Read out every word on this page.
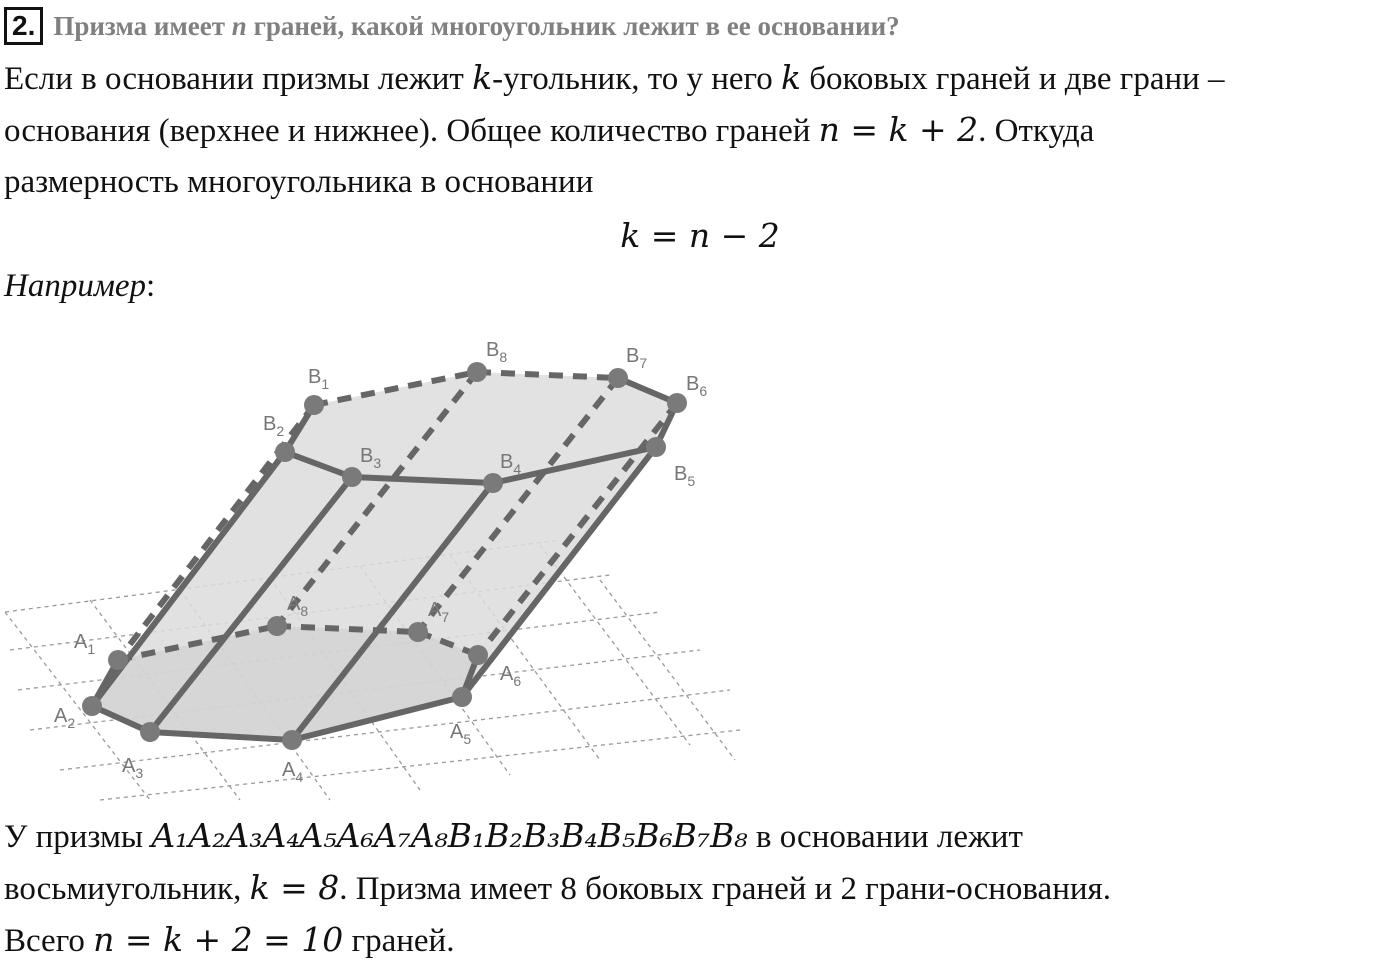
2. Призма имеет n граней, какой многоугольник лежит в ее основании?
Если в основании призмы лежит k-угольник, то у него k боковых граней и две грани –
основания (верхнее и нижнее). Общее количество граней n = k + 2. Откуда
размерность многоугольника в основании
k = n − 2
Например:
$B_1$
$B_2$
$B_3$	$B_4$	$B_5$
$B_6$
$B_7$
$B_8$
$A_1$
$A_2$
$A_3$	$A_4$
$A_5$
$A_6$
$A_7$
$A_8$
У призмы A₁A₂A₃A₄A₅A₆A₇A₈B₁B₂B₃B₄B₅B₆B₇B₈ в основании лежит
восьмиугольник, k = 8. Призма имеет 8 боковых граней и 2 грани-основания.
Всего n = k + 2 = 10 граней.
